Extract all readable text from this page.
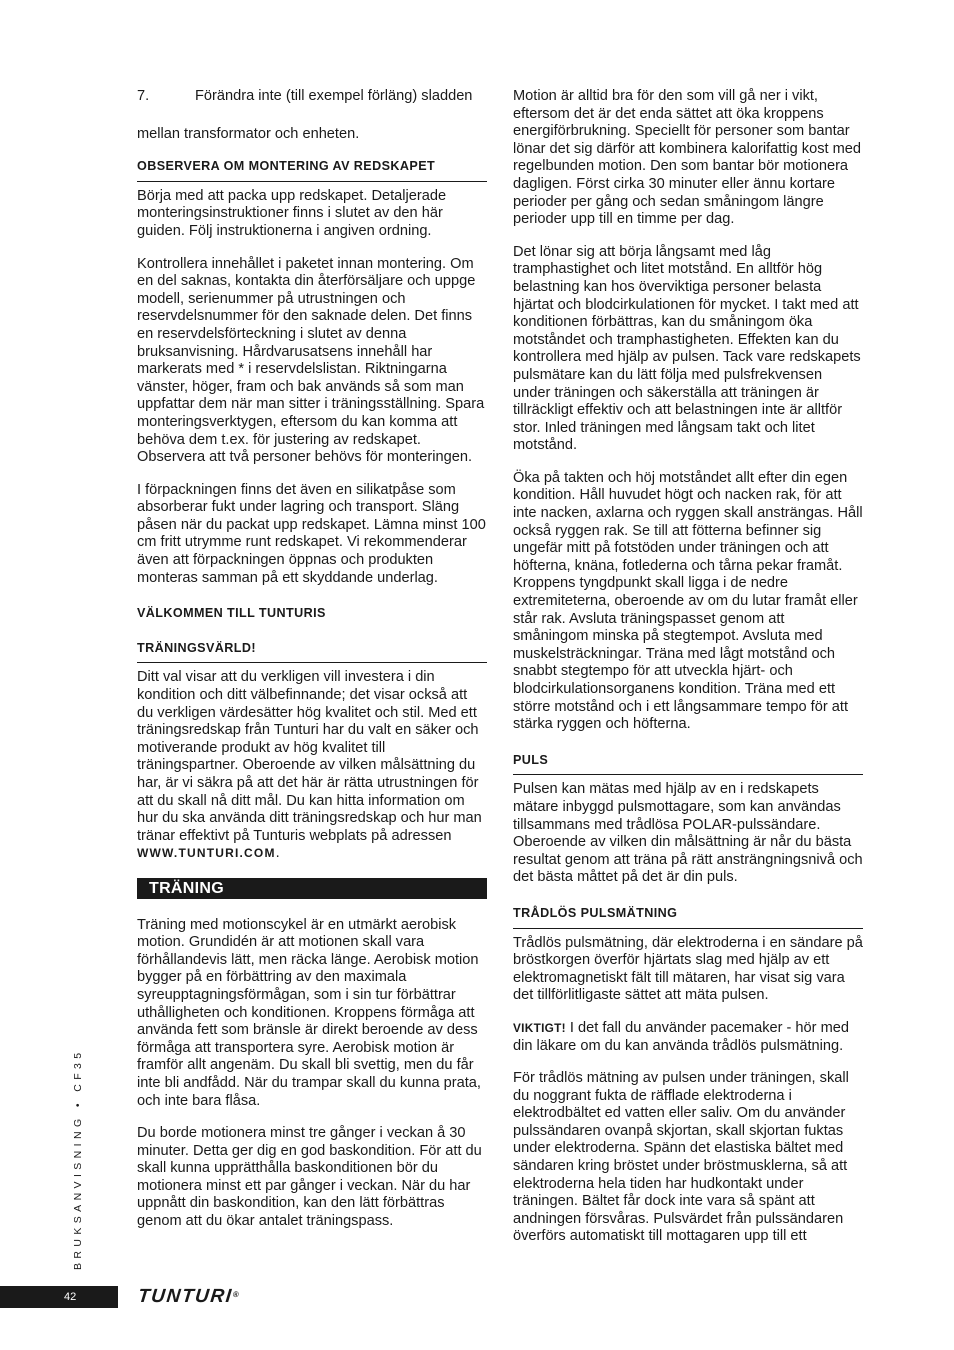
7.	Förändra inte (till exempel förläng) sladden

mellan transformator och enheten.

OBSERVERA OM MONTERING AV REDSKAPET

Börja med att packa upp redskapet. Detaljerade monteringsinstruktioner finns i slutet av den här guiden. Följ instruktionerna i angiven ordning.

Kontrollera innehållet i paketet innan montering. Om en del saknas, kontakta din återförsäljare och uppge modell, serienummer på utrustningen och reservdelsnummer för den saknade delen. Det finns en reservdelsförteckning i slutet av denna bruksanvisning. Hårdvarusatsens innehåll har markerats med * i reservdelslistan. Riktningarna vänster, höger, fram och bak används så som man uppfattar dem när man sitter i träningsställning. Spara monteringsverktygen, eftersom du kan komma att behöva dem t.ex. för justering av redskapet. Observera att två personer behövs för monteringen.

I förpackningen finns det även en silikatpåse som absorberar fukt under lagring och transport. Släng påsen när du packat upp redskapet. Lämna minst 100 cm fritt utrymme runt redskapet. Vi rekommenderar även att förpackningen öppnas och produkten monteras samman på ett skyddande underlag.

VÄLKOMMEN TILL TUNTURIS
TRÄNINGSVÄRLD!

Ditt val visar att du verkligen vill investera i din kondition och ditt välbefinnande; det visar också att du verkligen värdesätter hög kvalitet och stil. Med ett träningsredskap från Tunturi har du valt en säker och motiverande produkt av hög kvalitet till träningspartner. Oberoende av vilken målsättning du har, är vi säkra på att det här är rätta utrustningen för att du skall nå ditt mål. Du kan hitta information om hur du ska använda ditt träningsredskap och hur man tränar effektivt på Tunturis webplats på adressen WWW.TUNTURI.COM.

TRÄNING

Träning med motionscykel är en utmärkt aerobisk motion. Grundidén är att motionen skall vara förhållandevis lätt, men räcka länge. Aerobisk motion bygger på en förbättring av den maximala syreupptagningsförmågan, som i sin tur förbättrar uthålligheten och konditionen. Kroppens förmåga att använda fett som bränsle är direkt beroende av dess förmåga att transportera syre. Aerobisk motion är framför allt angenäm. Du skall bli svettig, men du får inte bli andfådd. När du trampar skall du kunna prata, och inte bara flåsa.

Du borde motionera minst tre gånger i veckan å 30 minuter. Detta ger dig en god baskondition. För att du skall kunna upprätthålla baskonditionen bör du motionera minst ett par gånger i veckan. När du har uppnått din baskondition, kan den lätt förbättras genom att du ökar antalet träningspass.

Motion är alltid bra för den som vill gå ner i vikt, eftersom det är det enda sättet att öka kroppens energiförbrukning. Speciellt för personer som bantar lönar det sig därför att kombinera kalorifattig kost med regelbunden motion. Den som bantar bör motionera dagligen. Först cirka 30 minuter eller ännu kortare perioder per gång och sedan småningom längre perioder upp till en timme per dag.

Det lönar sig att börja långsamt med låg tramphastighet och litet motstånd. En alltför hög belastning kan hos överviktiga personer belasta hjärtat och blodcirkulationen för mycket. I takt med att konditionen förbättras, kan du småningom öka motståndet och tramphastigheten. Effekten kan du kontrollera med hjälp av pulsen. Tack vare redskapets pulsmätare kan du lätt följa med pulsfrekvensen under träningen och säkerställa att träningen är tillräckligt effektiv och att belastningen inte är alltför stor. Inled träningen med långsam takt och litet motstånd.

Öka på takten och höj motståndet allt efter din egen kondition. Håll huvudet högt och nacken rak, för att inte nacken, axlarna och ryggen skall ansträngas. Håll också ryggen rak. Se till att fötterna befinner sig ungefär mitt på fotstöden under träningen och att höfterna, knäna, fotlederna och tårna pekar framåt. Kroppens tyngdpunkt skall ligga i de nedre extremiteterna, oberoende av om du lutar framåt eller står rak. Avsluta träningspasset genom att småningom minska på stegtempot. Avsluta med muskelsträckningar. Träna med lågt motstånd och snabbt stegtempo för att utveckla hjärt- och blodcirkulationsorganens kondition. Träna med ett större motstånd och i ett långsammare tempo för att stärka ryggen och höfterna.

PULS

Pulsen kan mätas med hjälp av en i redskapets mätare inbyggd pulsmottagare, som kan användas tillsammans med trådlösa POLAR-pulssändare. Oberoende av vilken din målsättning är når du bästa resultat genom att träna på rätt ansträngningsnivå och det bästa måttet på det är din puls.

TRÅDLÖS PULSMÄTNING

Trådlös pulsmätning, där elektroderna i en sändare på bröstkorgen överför hjärtats slag med hjälp av ett elektromagnetiskt fält till mätaren, har visat sig vara det tillförlitligaste sättet att mäta pulsen.

VIKTIGT! I det fall du använder pacemaker - hör med din läkare om du kan använda trådlös pulsmätning.

För trådlös mätning av pulsen under träningen, skall du noggrant fukta de räfflade elektroderna i elektrodbältet ed vatten eller saliv. Om du använder pulssändaren ovanpå skjortan, skall skjortan fuktas under elektroderna. Spänn det elastiska bältet med sändaren kring bröstet under bröstmusklerna, så att elektroderna hela tiden har hudkontakt under träningen. Bältet får dock inte vara så spänt att andningen försvåras. Pulsvärdet från pulssändaren överförs automatiskt till mottagaren upp till ett

BRUKSANVISNING • CF35
42	TUNTURI®
